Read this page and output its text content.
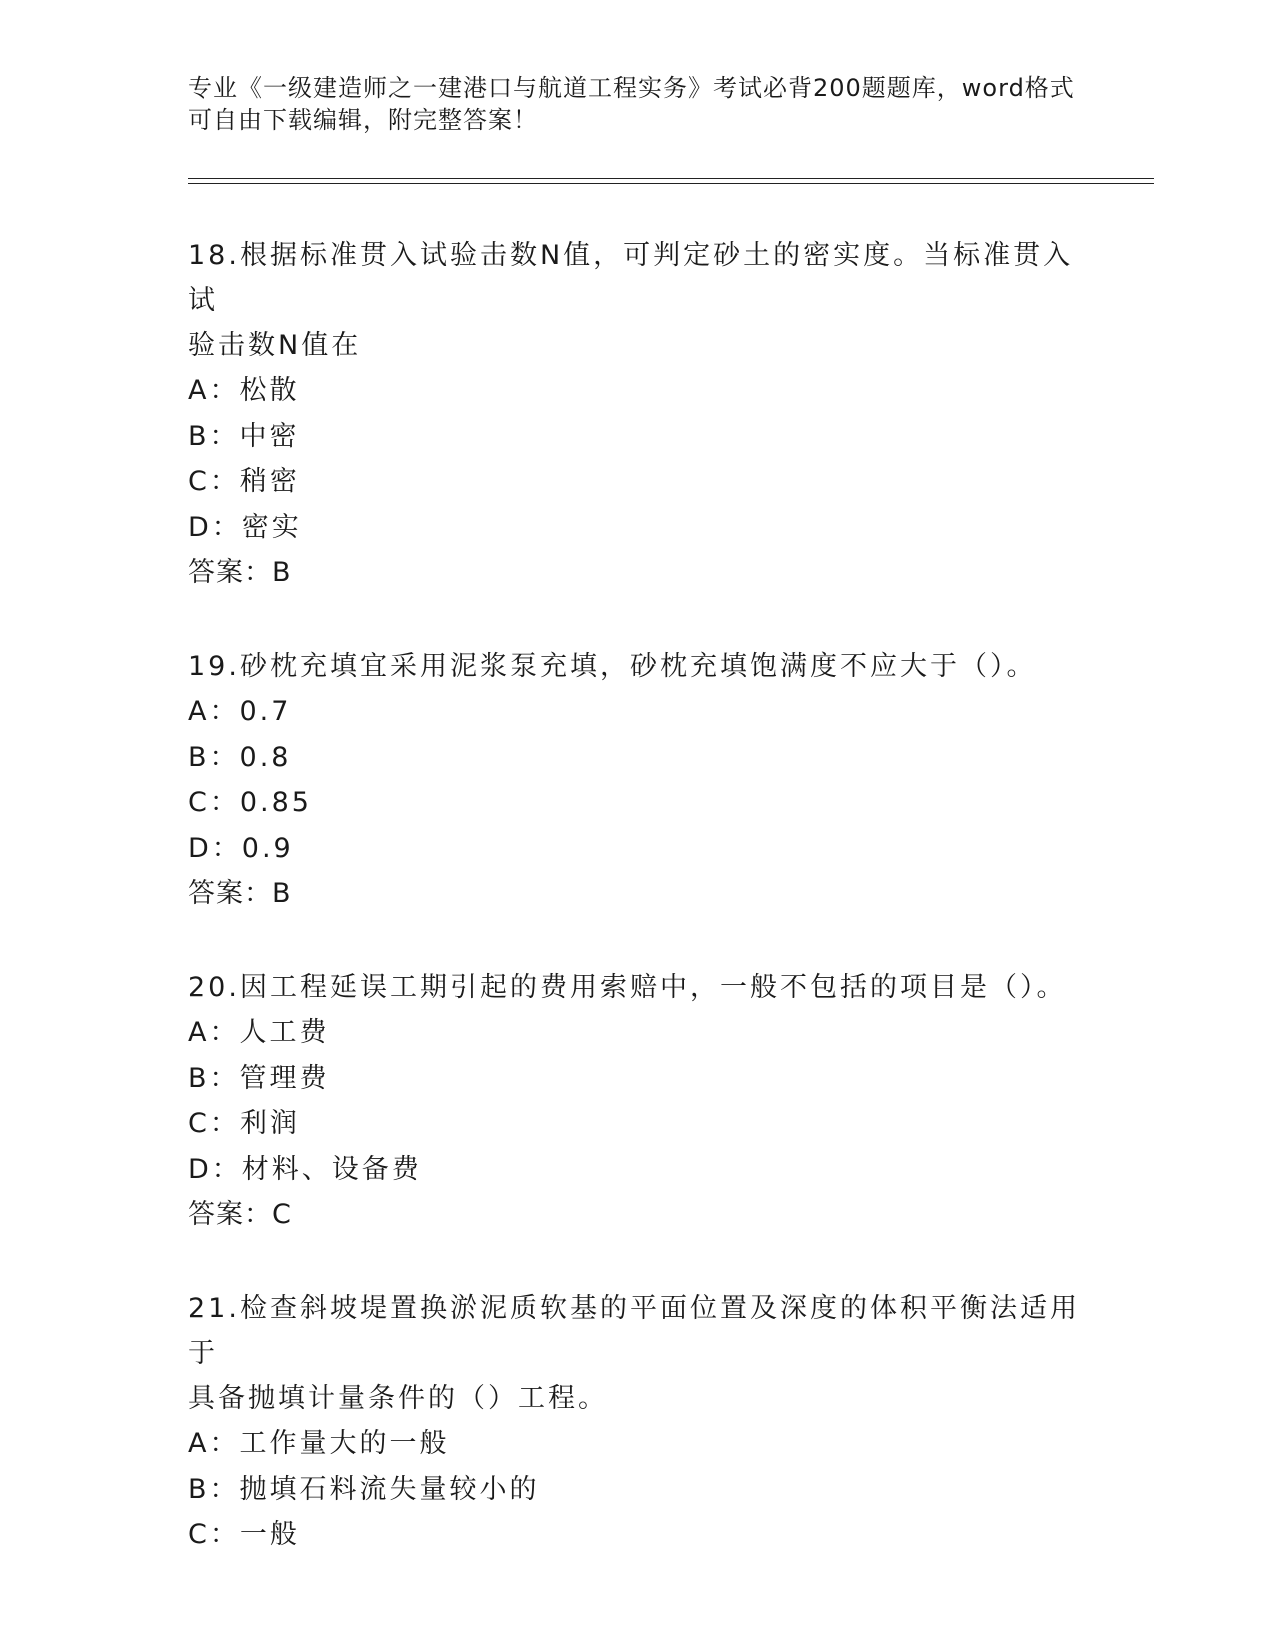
专业《一级建造师之一建港口与航道工程实务》考试必背200题题库，word格式
可自由下载编辑，附完整答案！
18.根据标准贯入试验击数N值，可判定砂土的密实度。当标准贯入试
验击数N值在
A：松散
B：中密
C：稍密
D：密实
答案：B
19.砂枕充填宜采用泥浆泵充填，砂枕充填饱满度不应大于（）。
A：0.7
B：0.8
C：0.85
D：0.9
答案：B
20.因工程延误工期引起的费用索赔中，一般不包括的项目是（）。
A：人工费
B：管理费
C：利润
D：材料、设备费
答案：C
21.检查斜坡堤置换淤泥质软基的平面位置及深度的体积平衡法适用于
具备抛填计量条件的（）工程。
A：工作量大的一般
B：抛填石料流失量较小的
C：一般
